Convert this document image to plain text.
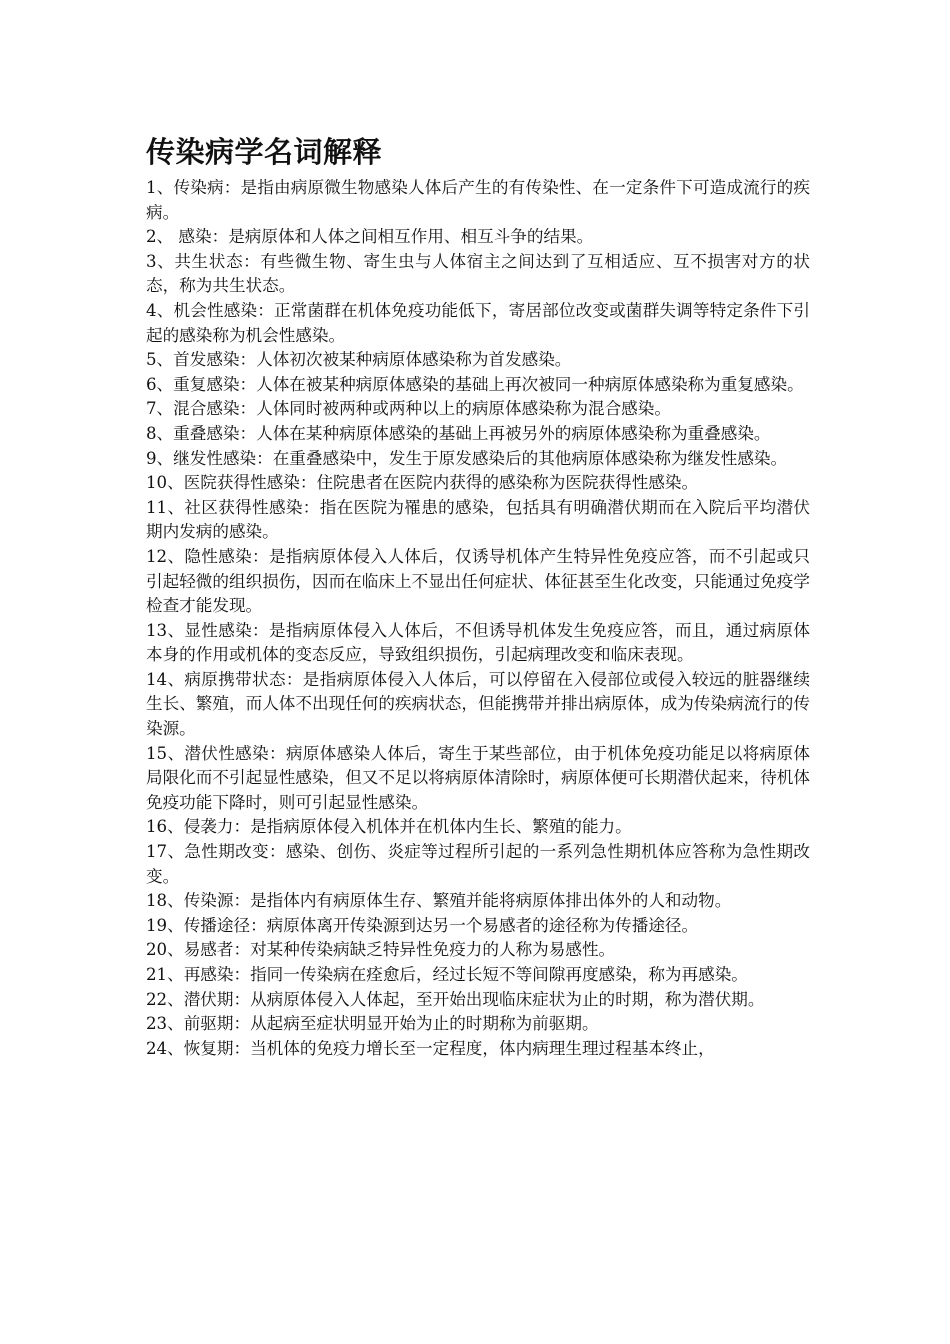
传染病学名词解释

1、传染病：是指由病原微生物感染人体后产生的有传染性、在一定条件下可造成流行的疾病。

2、 感染：是病原体和人体之间相互作用、相互斗争的结果。

3、共生状态：有些微生物、寄生虫与人体宿主之间达到了互相适应、互不损害对方的状态，称为共生状态。

4、机会性感染：正常菌群在机体免疫功能低下，寄居部位改变或菌群失调等特定条件下引起的感染称为机会性感染。

5、首发感染：人体初次被某种病原体感染称为首发感染。

6、重复感染：人体在被某种病原体感染的基础上再次被同一种病原体感染称为重复感染。

7、混合感染：人体同时被两种或两种以上的病原体感染称为混合感染。

8、重叠感染：人体在某种病原体感染的基础上再被另外的病原体感染称为重叠感染。

9、继发性感染：在重叠感染中，发生于原发感染后的其他病原体感染称为继发性感染。

10、医院获得性感染：住院患者在医院内获得的感染称为医院获得性感染。

11、社区获得性感染：指在医院为罹患的感染，包括具有明确潜伏期而在入院后平均潜伏期内发病的感染。

12、隐性感染：是指病原体侵入人体后，仅诱导机体产生特异性免疫应答，而不引起或只引起轻微的组织损伤，因而在临床上不显出任何症状、体征甚至生化改变，只能通过免疫学检查才能发现。

13、显性感染：是指病原体侵入人体后，不但诱导机体发生免疫应答，而且，通过病原体本身的作用或机体的变态反应，导致组织损伤，引起病理改变和临床表现。

14、病原携带状态：是指病原体侵入人体后，可以停留在入侵部位或侵入较远的脏器继续生长、繁殖，而人体不出现任何的疾病状态，但能携带并排出病原体，成为传染病流行的传染源。

15、潜伏性感染：病原体感染人体后，寄生于某些部位，由于机体免疫功能足以将病原体局限化而不引起显性感染，但又不足以将病原体清除时，病原体便可长期潜伏起来，待机体免疫功能下降时，则可引起显性感染。

16、侵袭力：是指病原体侵入机体并在机体内生长、繁殖的能力。

17、急性期改变：感染、创伤、炎症等过程所引起的一系列急性期机体应答称为急性期改变。

18、传染源：是指体内有病原体生存、繁殖并能将病原体排出体外的人和动物。

19、传播途径：病原体离开传染源到达另一个易感者的途径称为传播途径。

20、易感者：对某种传染病缺乏特异性免疫力的人称为易感性。

21、再感染：指同一传染病在痊愈后，经过长短不等间隙再度感染，称为再感染。

22、潜伏期：从病原体侵入人体起，至开始出现临床症状为止的时期，称为潜伏期。

23、前驱期：从起病至症状明显开始为止的时期称为前驱期。

24、恢复期：当机体的免疫力增长至一定程度，体内病理生理过程基本终止，
